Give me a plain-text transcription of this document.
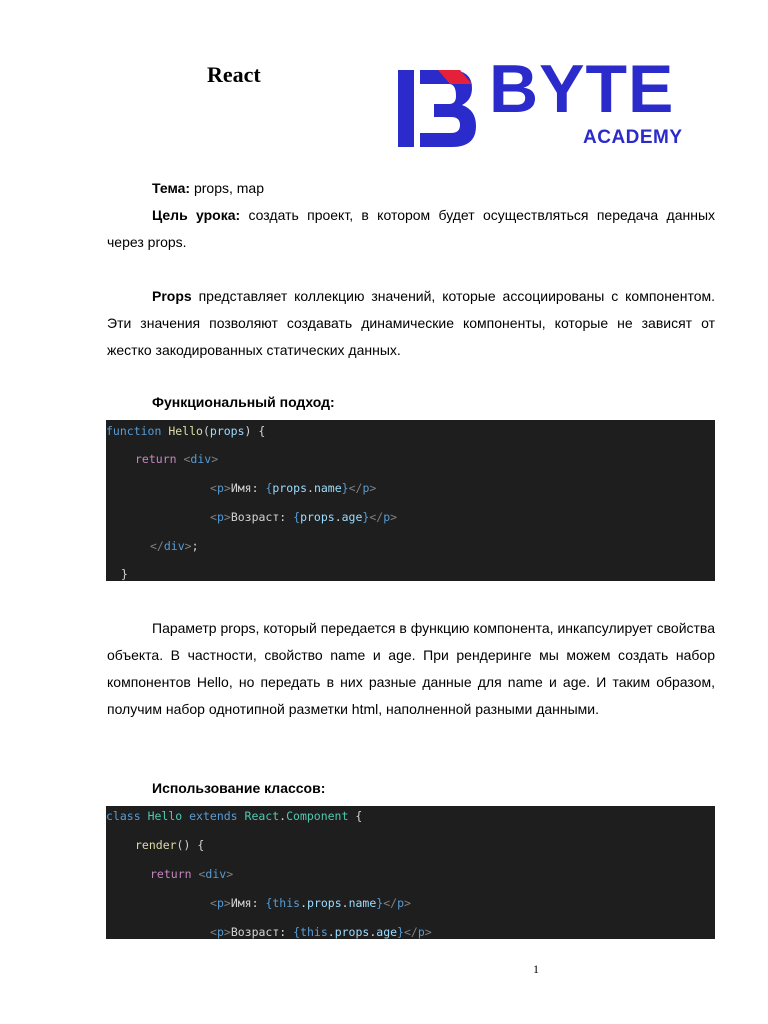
React	BYTE
ACADEMY
Тема: props, map
Цель урока: создать проект, в котором будет осуществляться передача данных через props.
Props представляет коллекцию значений, которые ассоциированы с компонентом. Эти значения позволяют создавать динамические компоненты, которые не зависят от жестко закодированных статических данных.
Функциональный подход:
function Hello(props) {
return <div>
<p>Имя: {props.name}</p>
<p>Возраст: {props.age}</p>
</div>;
}
Параметр props, который передается в функцию компонента, инкапсулирует свойства объекта. В частности, свойство name и age. При рендеринге мы можем создать набор компонентов Hello, но передать в них разные данные для name и age. И таким образом, получим набор однотипной разметки html, наполненной разными данными.
Использование классов:
class Hello extends React.Component {
render() {
return <div>
<p>Имя: {this.props.name}</p>
<p>Возраст: {this.props.age}</p>
1
